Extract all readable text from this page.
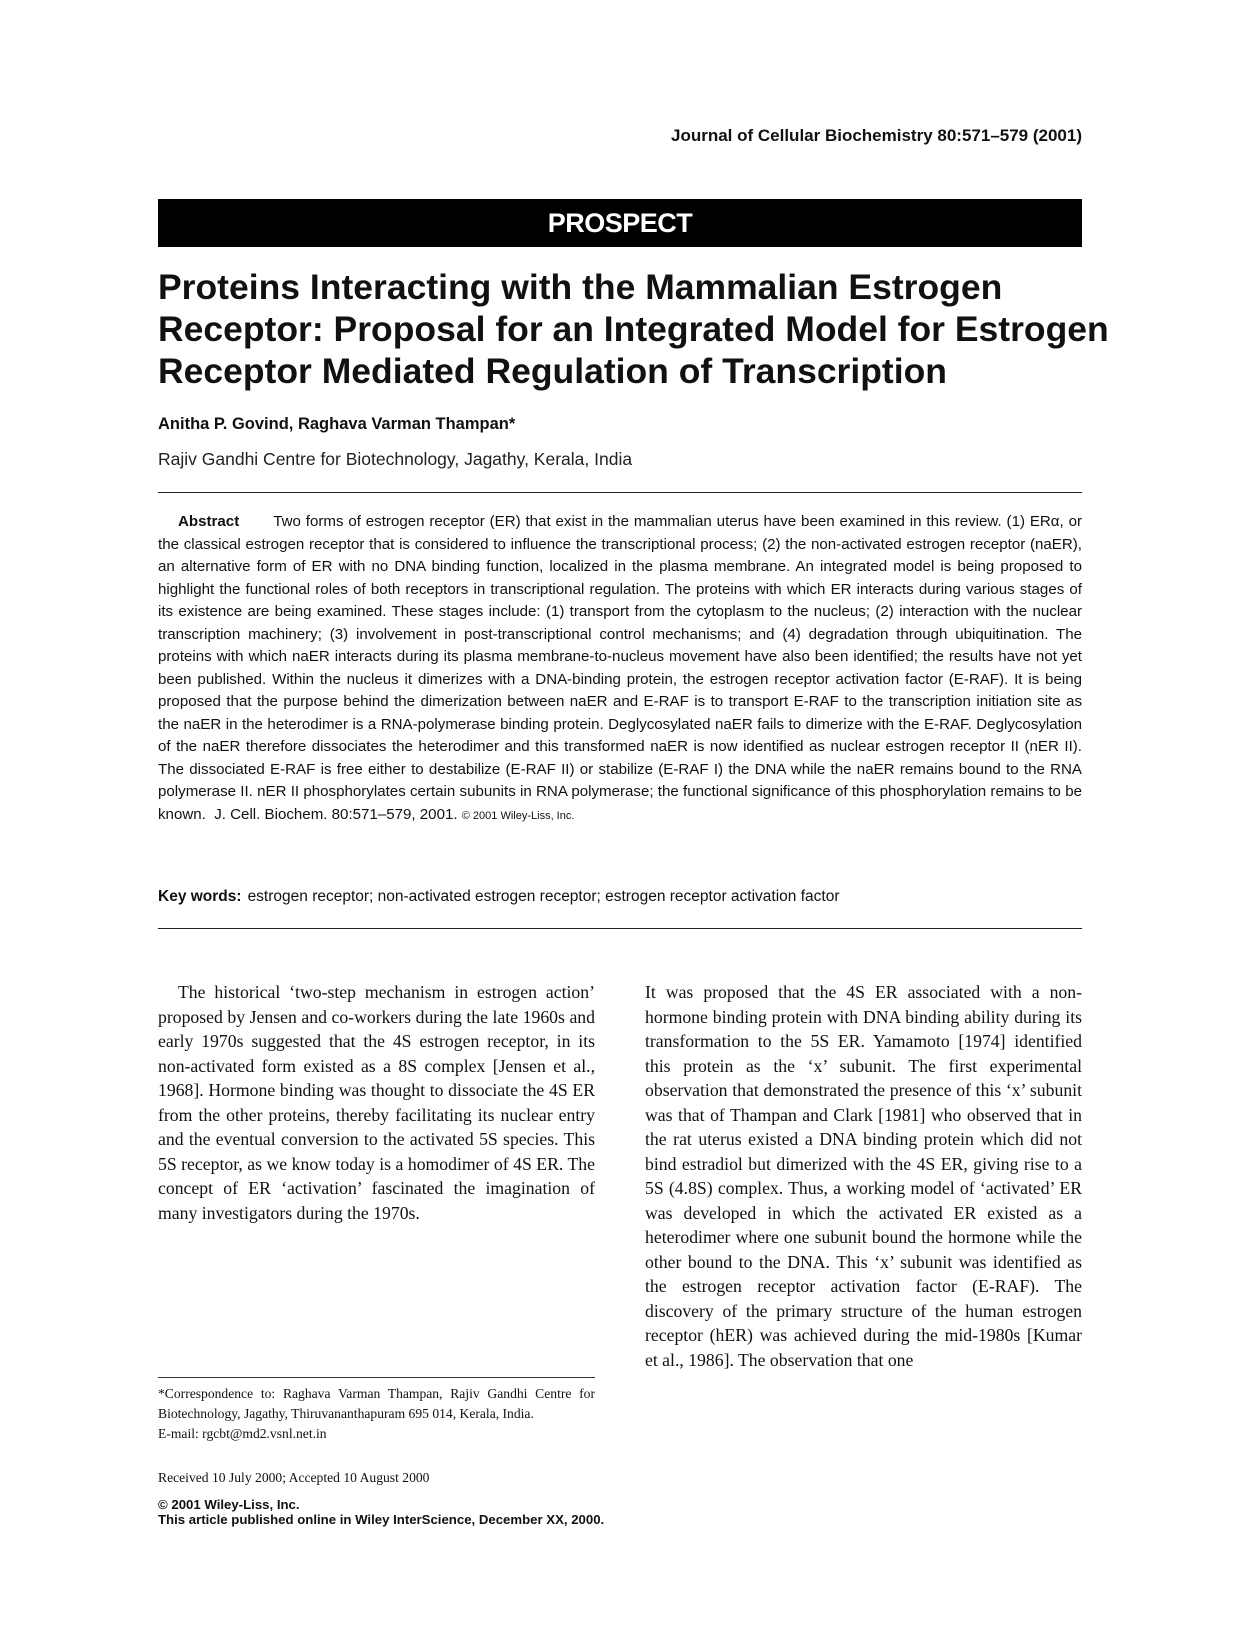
Journal of Cellular Biochemistry 80:571–579 (2001)
PROSPECT
Proteins Interacting with the Mammalian Estrogen Receptor: Proposal for an Integrated Model for Estrogen Receptor Mediated Regulation of Transcription
Anitha P. Govind, Raghava Varman Thampan*
Rajiv Gandhi Centre for Biotechnology, Jagathy, Kerala, India

Abstract Two forms of estrogen receptor (ER) that exist in the mammalian uterus have been examined in this review. (1) ERα, or the classical estrogen receptor that is considered to influence the transcriptional process; (2) the non-activated estrogen receptor (naER), an alternative form of ER with no DNA binding function, localized in the plasma membrane. An integrated model is being proposed to highlight the functional roles of both receptors in transcriptional regulation. The proteins with which ER interacts during various stages of its existence are being examined. These stages include: (1) transport from the cytoplasm to the nucleus; (2) interaction with the nuclear transcription machinery; (3) involvement in post-transcriptional control mechanisms; and (4) degradation through ubiquitination. The proteins with which naER interacts during its plasma membrane-to-nucleus movement have also been identified; the results have not yet been published. Within the nucleus it dimerizes with a DNA-binding protein, the estrogen receptor activation factor (E-RAF). It is being proposed that the purpose behind the dimerization between naER and E-RAF is to transport E-RAF to the transcription initiation site as the naER in the heterodimer is a RNA-polymerase binding protein. Deglycosylated naER fails to dimerize with the E-RAF. Deglycosylation of the naER therefore dissociates the heterodimer and this transformed naER is now identified as nuclear estrogen receptor II (nER II). The dissociated E-RAF is free either to destabilize (E-RAF II) or stabilize (E-RAF I) the DNA while the naER remains bound to the RNA polymerase II. nER II phosphorylates certain subunits in RNA polymerase; the functional significance of this phosphorylation remains to be known. J. Cell. Biochem. 80:571–579, 2001. © 2001 Wiley-Liss, Inc.

Key words: estrogen receptor; non-activated estrogen receptor; estrogen receptor activation factor

The historical ‘two-step mechanism in estrogen action’ proposed by Jensen and co-workers during the late 1960s and early 1970s suggested that the 4S estrogen receptor, in its non-activated form existed as a 8S complex [Jensen et al., 1968]. Hormone binding was thought to dissociate the 4S ER from the other proteins, thereby facilitating its nuclear entry and the eventual conversion to the activated 5S species. This 5S receptor, as we know today is a homodimer of 4S ER. The concept of ER ‘activation’ fascinated the imagination of many investigators during the 1970s.

It was proposed that the 4S ER associated with a non-hormone binding protein with DNA binding ability during its transformation to the 5S ER. Yamamoto [1974] identified this protein as the ‘x’ subunit. The first experimental observation that demonstrated the presence of this ‘x’ subunit was that of Thampan and Clark [1981] who observed that in the rat uterus existed a DNA binding protein which did not bind estradiol but dimerized with the 4S ER, giving rise to a 5S (4.8S) complex. Thus, a working model of ‘activated’ ER was developed in which the activated ER existed as a heterodimer where one subunit bound the hormone while the other bound to the DNA. This ‘x’ subunit was identified as the estrogen receptor activation factor (E-RAF). The discovery of the primary structure of the human estrogen receptor (hER) was achieved during the mid-1980s [Kumar et al., 1986]. The observation that one

*Correspondence to: Raghava Varman Thampan, Rajiv Gandhi Centre for Biotechnology, Jagathy, Thiruvananthapuram 695 014, Kerala, India.
E-mail: rgcbt@md2.vsnl.net.in

Received 10 July 2000; Accepted 10 August 2000
© 2001 Wiley-Liss, Inc.
This article published online in Wiley InterScience, December XX, 2000.
